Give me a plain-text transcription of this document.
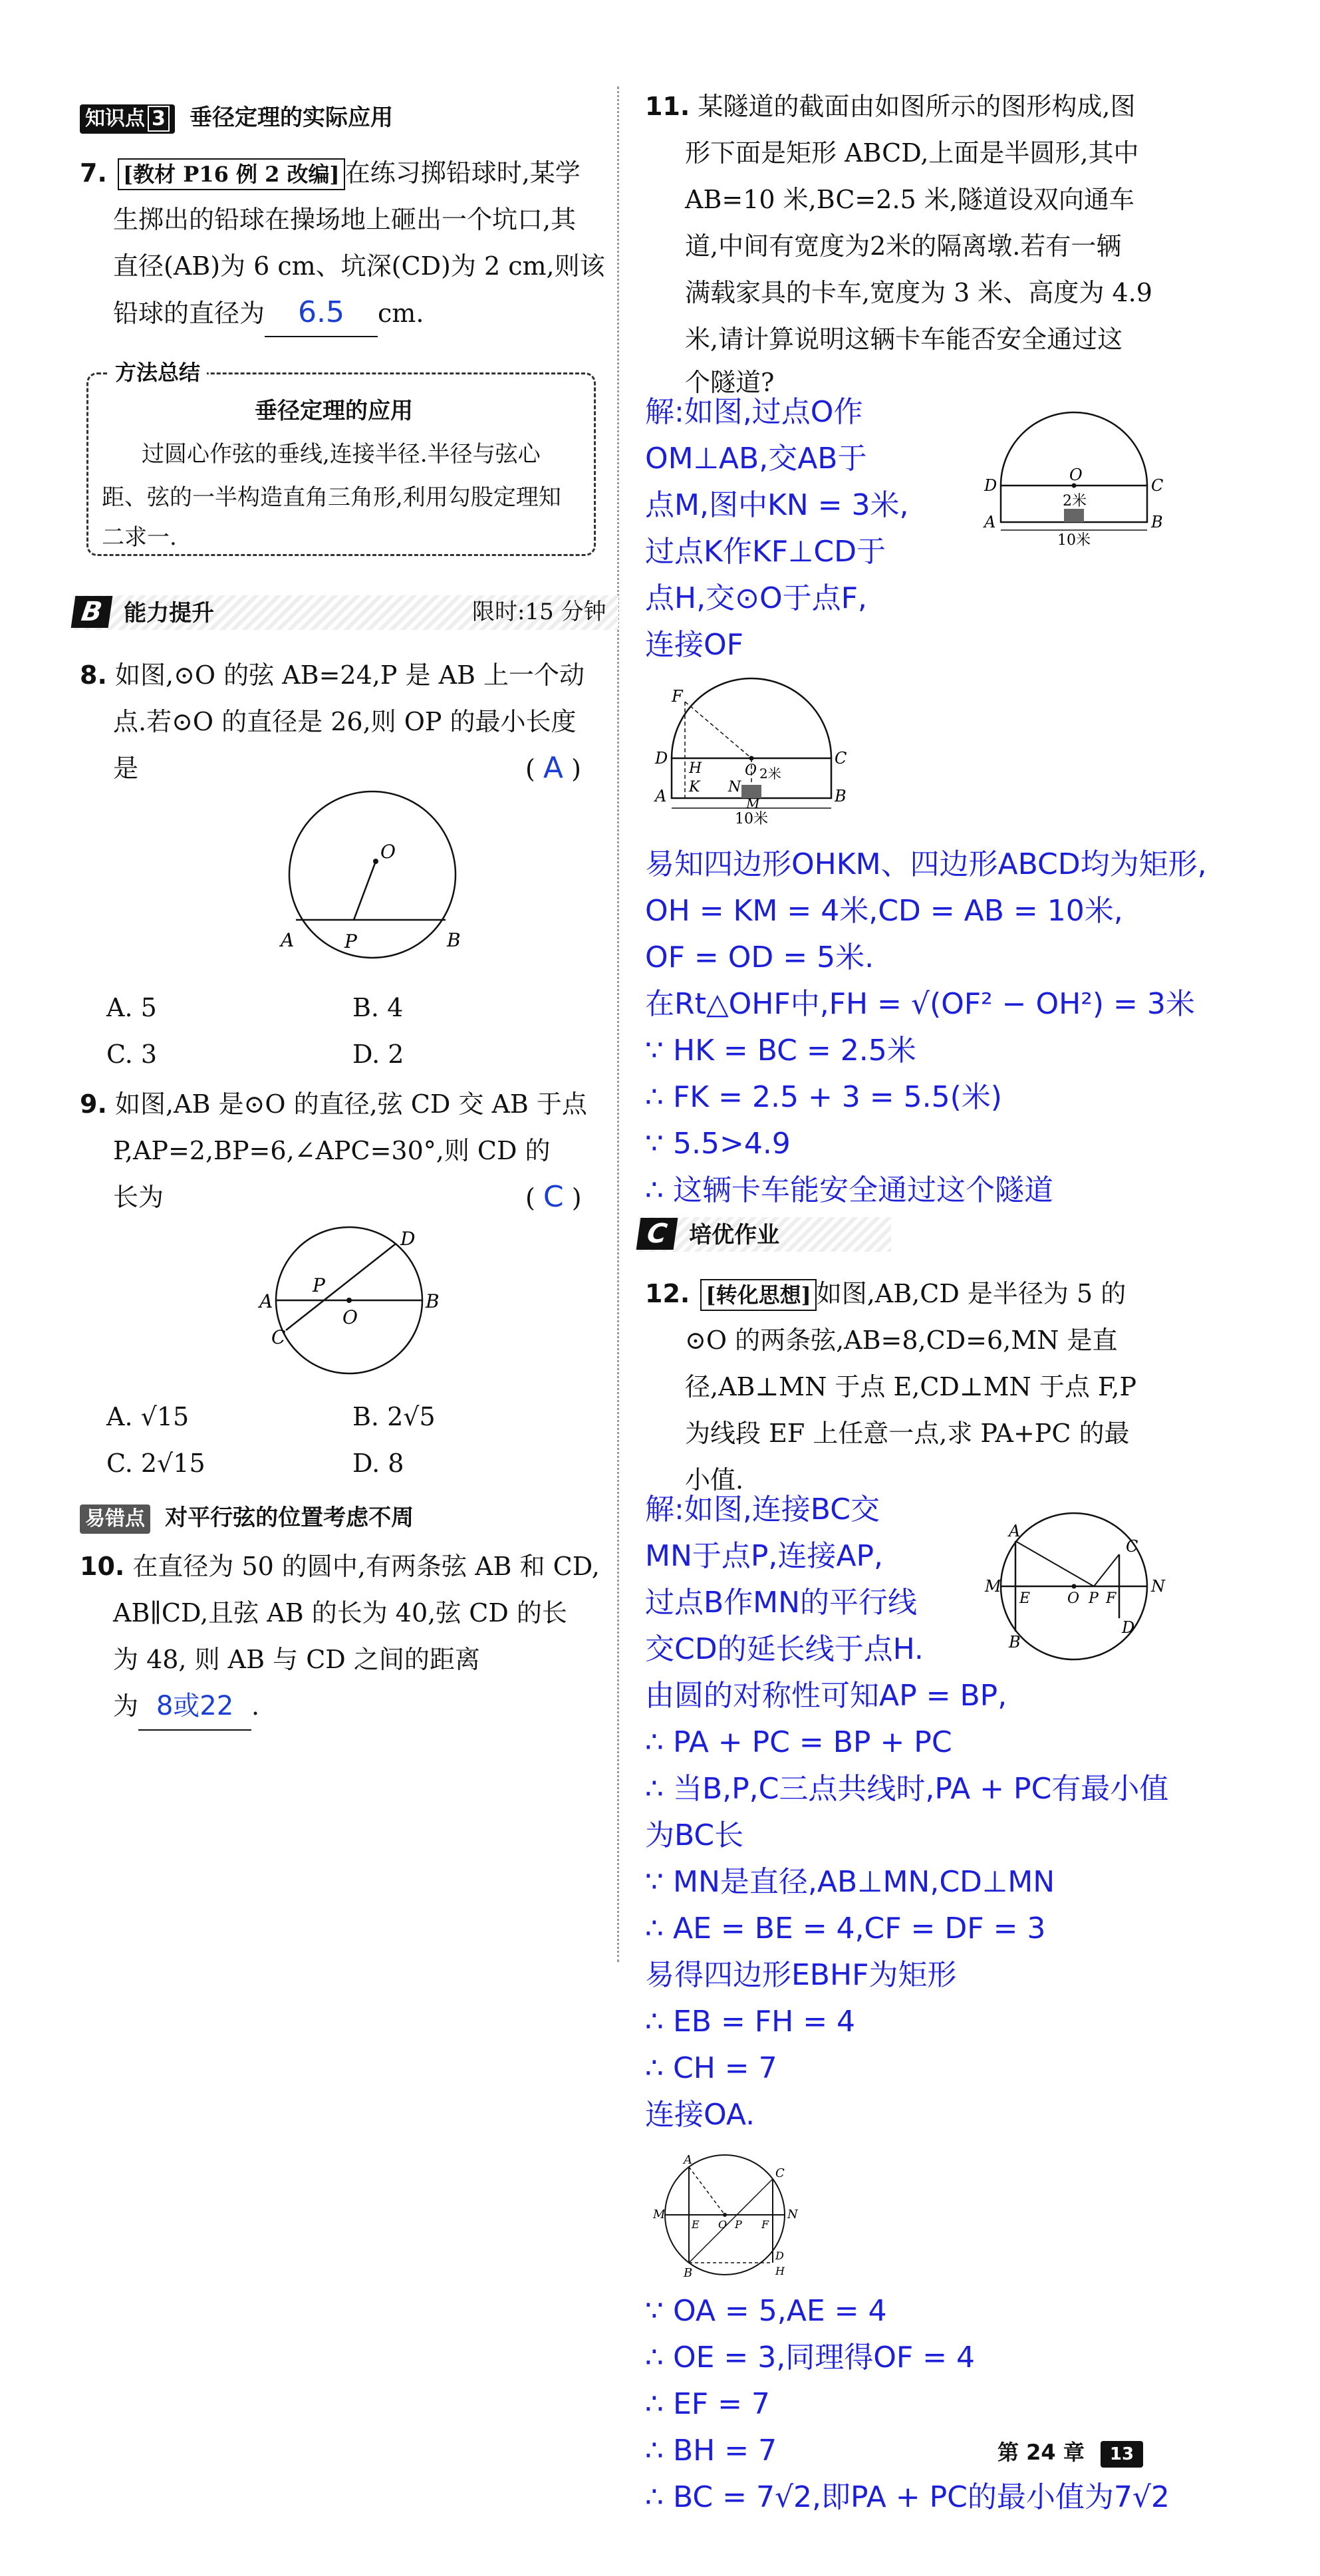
知识点 3 垂径定理的实际应用
7. [教材 P16 例 2 改编] 在练习掷铅球时,某学
生掷出的铅球在操场地上砸出一个坑口,其
直径(AB)为 6 cm、坑深(CD)为 2 cm,则该
铅球的直径为 6.5 cm.
方法总结
垂径定理的应用
过圆心作弦的垂线,连接半径.半径与弦心
距、弦的一半构造直角三角形,利用勾股定理知
二求一.
B 能力提升	限时:15 分钟
8. 如图,⊙O 的弦 AB=24,P 是 AB 上一个动
点.若⊙O 的直径是 26,则 OP 的最小长度
是	( A )
O
A	P	B
A. 5	B. 4
C. 3	D. 2
9. 如图,AB 是⊙O 的直径,弦 CD 交 AB 于点
P,AP=2,BP=6,∠APC=30°,则 CD 的
长为	( C )
D
A
P
O
B
C
A. √15	B. 2√5
C. 2√15	D. 8
易错点 对平行弦的位置考虑不周
10. 在直径为 50 的圆中,有两条弦 AB 和 CD,
AB∥CD,且弦 AB 的长为 40,弦 CD 的长
为 48, 则 AB 与 CD 之间的距离
为 8或22 .
11. 某隧道的截面由如图所示的图形构成,图
形下面是矩形 ABCD,上面是半圆形,其中
AB=10 米,BC=2.5 米,隧道设双向通车
道,中间有宽度为2米的隔离墩.若有一辆
满载家具的卡车,宽度为 3 米、高度为 4.9
米,请计算说明这辆卡车能否安全通过这
个隧道?
解:如图,过点O作
OM⊥AB,交AB于
点M,图中KN = 3米,
过点K作KF⊥CD于
点H,交⊙O于点F,
连接OF
O
D	C
A	B
2米
10米
F
D	C
H	O
K N
M
A	B
2米
10米
易知四边形OHKM、四边形ABCD均为矩形,
OH = KM = 4米,CD = AB = 10米,
OF = OD = 5米.
在Rt△OHF中,FH = √(OF² − OH²) = 3米
∵ HK = BC = 2.5米
∴ FK = 2.5 + 3 = 5.5(米)
∵ 5.5>4.9
∴ 这辆卡车能安全通过这个隧道
C 培优作业
12. [转化思想] 如图,AB,CD 是半径为 5 的
⊙O 的两条弦,AB=8,CD=6,MN 是直
径,AB⊥MN 于点 E,CD⊥MN 于点 F,P
为线段 EF 上任意一点,求 PA+PC 的最
小值.
解:如图,连接BC交
MN于点P,连接AP,
过点B作MN的平行线
交CD的延长线于点H.
A
C
M
E	O P F
N
B
D
由圆的对称性可知AP = BP,
∴ PA + PC = BP + PC
∴ 当B,P,C三点共线时,PA + PC有最小值
为BC长
∵ MN是直径,AB⊥MN,CD⊥MN
∴ AE = BE = 4,CF = DF = 3
易得四边形EBHF为矩形
∴ EB = FH = 4
∴ CH = 7
连接OA.
A
C
M
E O P F
N
B
D
H
∵ OA = 5,AE = 4
∴ OE = 3,同理得OF = 4
∴ EF = 7
∴ BH = 7
∴ BC = 7√2,即PA + PC的最小值为7√2
第 24 章 13
